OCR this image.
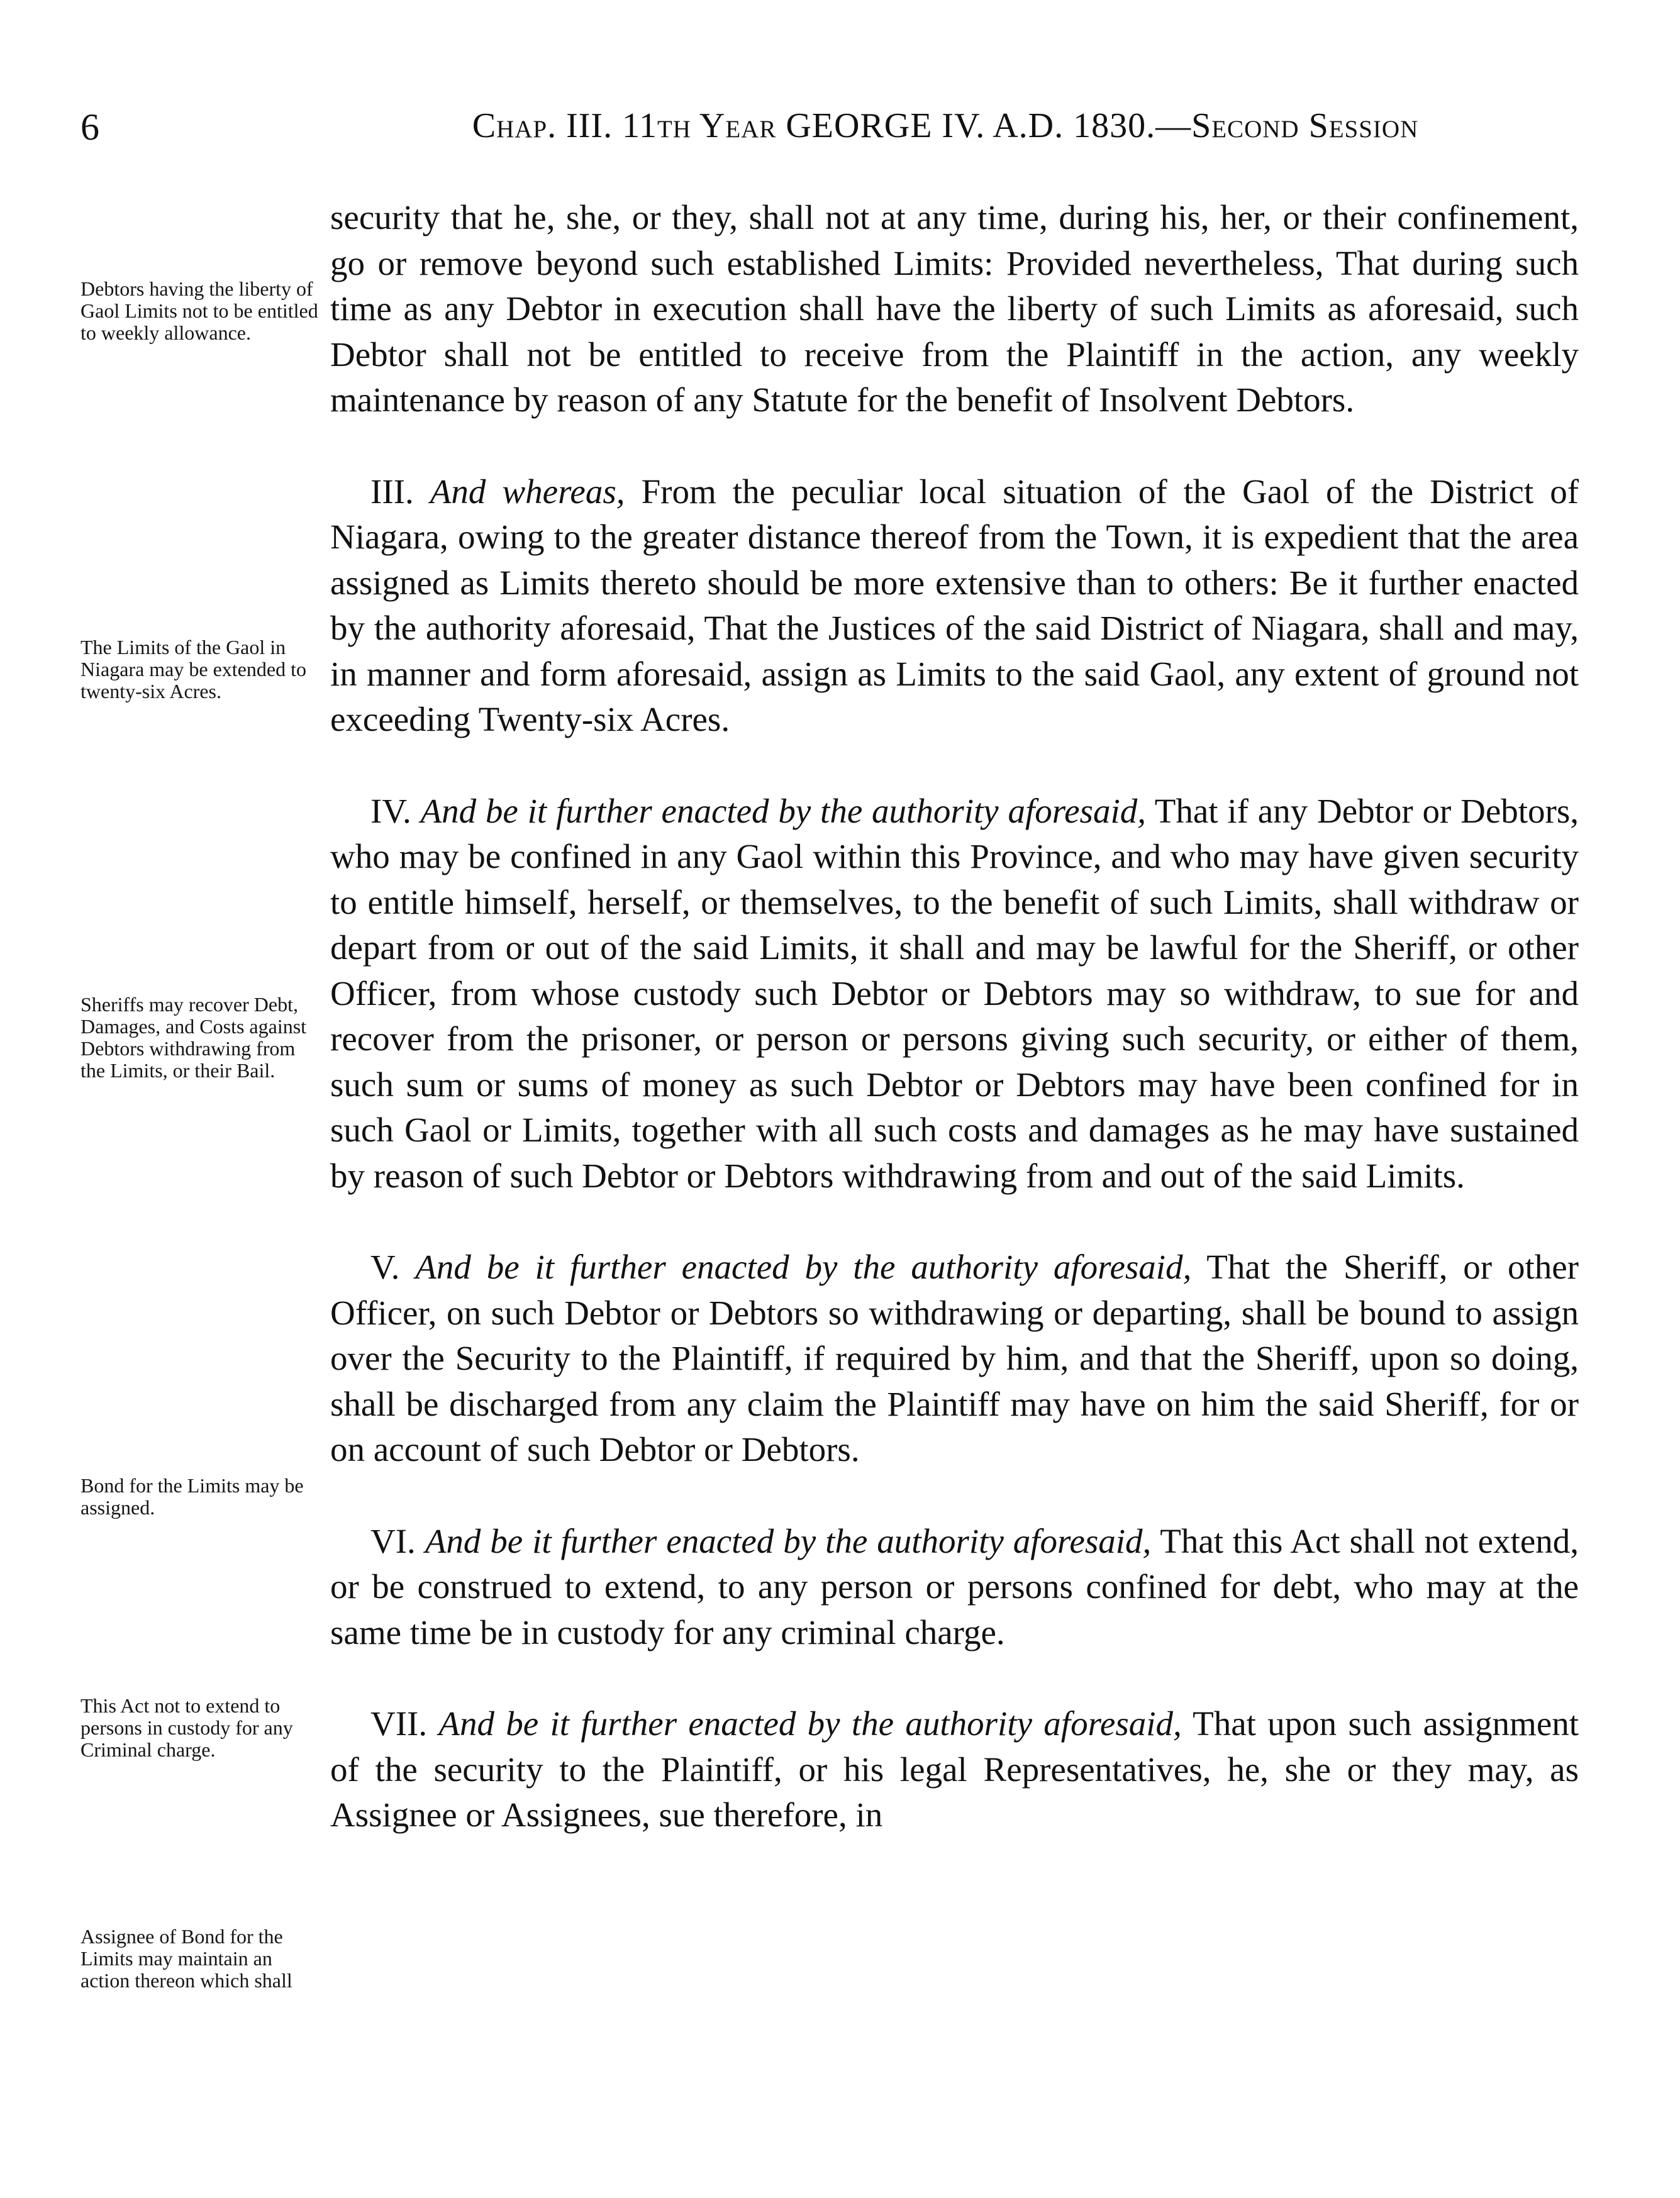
6	Chap. III. 11th Year GEORGE IV. A.D. 1830.—Second Session
Debtors having the liberty of Gaol Limits not to be entitled to weekly allowance.
The Limits of the Gaol in Niagara may be extended to twenty-six Acres.
Sheriffs may recover Debt, Damages, and Costs against Debtors withdrawing from the Limits, or their Bail.
Bond for the Limits may be assigned.
This Act not to extend to persons in custody for any Criminal charge.
Assignee of Bond for the Limits may maintain an action thereon which shall

security that he, she, or they, shall not at any time, during his, her, or their confinement, go or remove beyond such established Limits: Provided nevertheless, That during such time as any Debtor in execution shall have the liberty of such Limits as aforesaid, such Debtor shall not be entitled to receive from the Plaintiff in the action, any weekly maintenance by reason of any Statute for the benefit of Insolvent Debtors.

III. And whereas, From the peculiar local situation of the Gaol of the District of Niagara, owing to the greater distance thereof from the Town, it is expedient that the area assigned as Limits thereto should be more extensive than to others: Be it further enacted by the authority aforesaid, That the Justices of the said District of Niagara, shall and may, in manner and form aforesaid, assign as Limits to the said Gaol, any extent of ground not exceeding Twenty-six Acres.

IV. And be it further enacted by the authority aforesaid, That if any Debtor or Debtors, who may be confined in any Gaol within this Province, and who may have given security to entitle himself, herself, or themselves, to the benefit of such Limits, shall withdraw or depart from or out of the said Limits, it shall and may be lawful for the Sheriff, or other Officer, from whose custody such Debtor or Debtors may so withdraw, to sue for and recover from the prisoner, or person or persons giving such security, or either of them, such sum or sums of money as such Debtor or Debtors may have been confined for in such Gaol or Limits, together with all such costs and damages as he may have sustained by reason of such Debtor or Debtors withdrawing from and out of the said Limits.

V. And be it further enacted by the authority aforesaid, That the Sheriff, or other Officer, on such Debtor or Debtors so withdrawing or departing, shall be bound to assign over the Security to the Plaintiff, if required by him, and that the Sheriff, upon so doing, shall be discharged from any claim the Plaintiff may have on him the said Sheriff, for or on account of such Debtor or Debtors.

VI. And be it further enacted by the authority aforesaid, That this Act shall not extend, or be construed to extend, to any person or persons confined for debt, who may at the same time be in custody for any criminal charge.

VII. And be it further enacted by the authority aforesaid, That upon such assignment of the security to the Plaintiff, or his legal Representatives, he, she or they may, as Assignee or Assignees, sue therefore, in
